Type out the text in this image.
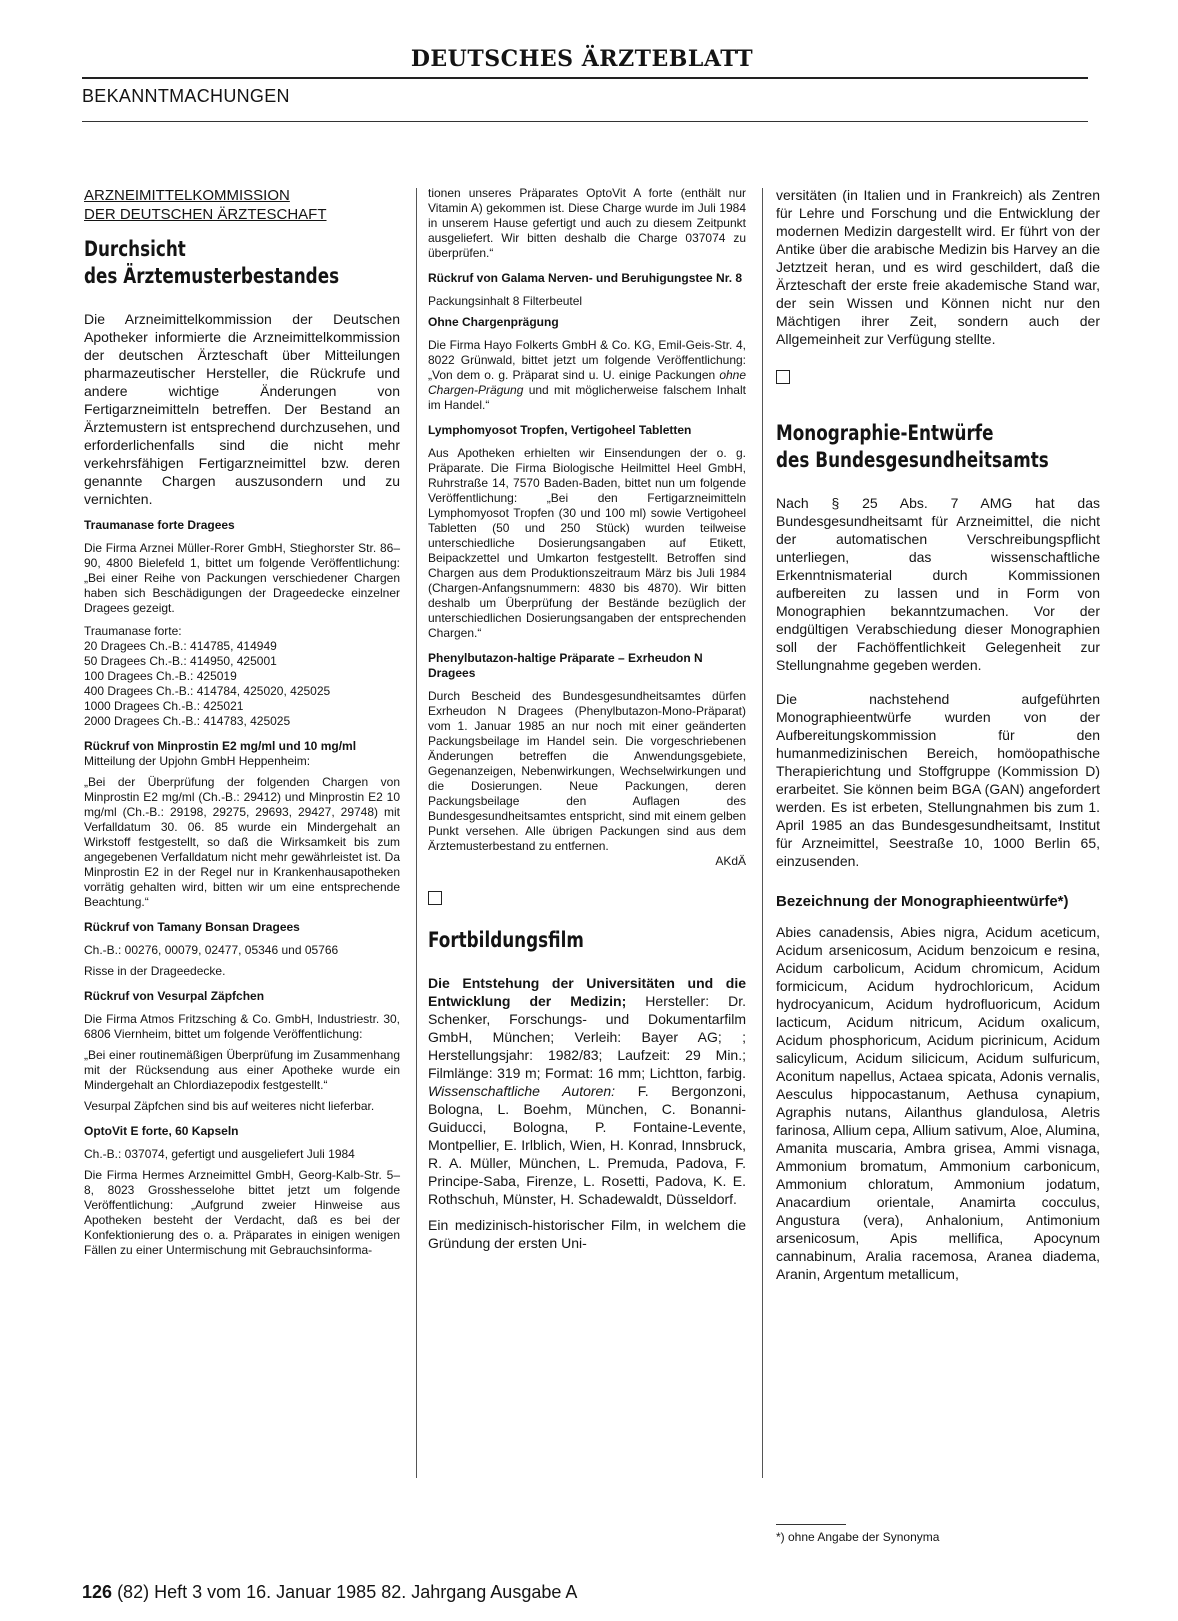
DEUTSCHES ÄRZTEBLATT
BEKANNTMACHUNGEN
ARZNEIMITTELKOMMISSION
DER DEUTSCHEN ÄRZTESCHAFT
Durchsicht
des Ärztemusterbestandes

Die Arzneimittelkommission der Deutschen Apotheker informierte die Arzneimittelkommission der deutschen Ärzteschaft über Mitteilungen pharmazeutischer Hersteller, die Rückrufe und andere wichtige Änderungen von Fertigarzneimitteln betreffen. Der Bestand an Ärztemustern ist entsprechend durchzusehen, und erforderlichenfalls sind die nicht mehr verkehrsfähigen Fertigarzneimittel bzw. deren genannte Chargen auszusondern und zu vernichten.

Traumanase forte Dragees

Die Firma Arznei Müller-Rorer GmbH, Stieghorster Str. 86–90, 4800 Bielefeld 1, bittet um folgende Veröffentlichung: „Bei einer Reihe von Packungen verschiedener Chargen haben sich Beschädigungen der Drageedecke einzelner Dragees gezeigt.

Traumanase forte:
20 Dragees Ch.-B.: 414785, 414949
50 Dragees Ch.-B.: 414950, 425001
100 Dragees Ch.-B.: 425019
400 Dragees Ch.-B.: 414784, 425020, 425025
1000 Dragees Ch.-B.: 425021
2000 Dragees Ch.-B.: 414783, 425025
Rückruf von Minprostin E2 mg/ml und 10 mg/ml

Mitteilung der Upjohn GmbH Heppenheim:

„Bei der Überprüfung der folgenden Chargen von Minprostin E2 mg/ml (Ch.-B.: 29412) und Minprostin E2 10 mg/ml (Ch.-B.: 29198, 29275, 29693, 29427, 29748) mit Verfalldatum 30. 06. 85 wurde ein Mindergehalt an Wirkstoff festgestellt, so daß die Wirksamkeit bis zum angegebenen Verfalldatum nicht mehr gewährleistet ist. Da Minprostin E2 in der Regel nur in Krankenhausapotheken vorrätig gehalten wird, bitten wir um eine entsprechende Beachtung.“

Rückruf von Tamany Bonsan Dragees

Ch.-B.: 00276, 00079, 02477, 05346 und 05766

Risse in der Drageedecke.

Rückruf von Vesurpal Zäpfchen

Die Firma Atmos Fritzsching & Co. GmbH, Industriestr. 30, 6806 Viernheim, bittet um folgende Veröffentlichung:

„Bei einer routinemäßigen Überprüfung im Zusammenhang mit der Rücksendung aus einer Apotheke wurde ein Mindergehalt an Chlordiazepodix festgestellt.“

Vesurpal Zäpfchen sind bis auf weiteres nicht lieferbar.

OptoVit E forte, 60 Kapseln

Ch.-B.: 037074, gefertigt und ausgeliefert Juli 1984

Die Firma Hermes Arzneimittel GmbH, Georg-Kalb-Str. 5–8, 8023 Grosshesselohe bittet jetzt um folgende Veröffentlichung: „Aufgrund zweier Hinweise aus Apotheken besteht der Verdacht, daß es bei der Konfektionierung des o. a. Präparates in einigen wenigen Fällen zu einer Untermischung mit Gebrauchsinforma-

tionen unseres Präparates OptoVit A forte (enthält nur Vitamin A) gekommen ist. Diese Charge wurde im Juli 1984 in unserem Hause gefertigt und auch zu diesem Zeitpunkt ausgeliefert. Wir bitten deshalb die Charge 037074 zu überprüfen.“

Rückruf von Galama Nerven- und Beruhigungstee Nr. 8

Packungsinhalt 8 Filterbeutel

Ohne Chargenprägung

Die Firma Hayo Folkerts GmbH & Co. KG, Emil-Geis-Str. 4, 8022 Grünwald, bittet jetzt um folgende Veröffentlichung: „Von dem o. g. Präparat sind u. U. einige Packungen ohne Chargen-Prägung und mit möglicherweise falschem Inhalt im Handel.“

Lymphomyosot Tropfen, Vertigoheel Tabletten

Aus Apotheken erhielten wir Einsendungen der o. g. Präparate. Die Firma Biologische Heilmittel Heel GmbH, Ruhrstraße 14, 7570 Baden-Baden, bittet nun um folgende Veröffentlichung: „Bei den Fertigarzneimitteln Lymphomyosot Tropfen (30 und 100 ml) sowie Vertigoheel Tabletten (50 und 250 Stück) wurden teilweise unterschiedliche Dosierungsangaben auf Etikett, Beipackzettel und Umkarton festgestellt. Betroffen sind Chargen aus dem Produktionszeitraum März bis Juli 1984 (Chargen-Anfangsnummern: 4830 bis 4870). Wir bitten deshalb um Überprüfung der Bestände bezüglich der unterschiedlichen Dosierungsangaben der entsprechenden Chargen.“

Phenylbutazon-haltige Präparate – Exrheudon N Dragees

Durch Bescheid des Bundesgesundheitsamtes dürfen Exrheudon N Dragees (Phenylbutazon-Mono-Präparat) vom 1. Januar 1985 an nur noch mit einer geänderten Packungsbeilage im Handel sein. Die vorgeschriebenen Änderungen betreffen die Anwendungsgebiete, Gegenanzeigen, Nebenwirkungen, Wechselwirkungen und die Dosierungen. Neue Packungen, deren Packungsbeilage den Auflagen des Bundesgesundheitsamtes entspricht, sind mit einem gelben Punkt versehen. Alle übrigen Packungen sind aus dem Ärztemusterbestand zu entfernen.

AKdÄ
Fortbildungsfilm

Die Entstehung der Universitäten und die Entwicklung der Medizin; Hersteller: Dr. Schenker, Forschungs- und Dokumentarfilm GmbH, München; Verleih: Bayer AG; ; Herstellungsjahr: 1982/83; Laufzeit: 29 Min.; Filmlänge: 319 m; Format: 16 mm; Lichtton, farbig. Wissenschaftliche Autoren: F. Bergonzoni, Bologna, L. Boehm, München, C. Bonanni-Guiducci, Bologna, P. Fontaine-Levente, Montpellier, E. Irlblich, Wien, H. Konrad, Innsbruck, R. A. Müller, München, L. Premuda, Padova, F. Principe-Saba, Firenze, L. Rosetti, Padova, K. E. Rothschuh, Münster, H. Schadewaldt, Düsseldorf.

Ein medizinisch-historischer Film, in welchem die Gründung der ersten Uni-

versitäten (in Italien und in Frankreich) als Zentren für Lehre und Forschung und die Entwicklung der modernen Medizin dargestellt wird. Er führt von der Antike über die arabische Medizin bis Harvey an die Jetztzeit heran, und es wird geschildert, daß die Ärzteschaft der erste freie akademische Stand war, der sein Wissen und Können nicht nur den Mächtigen ihrer Zeit, sondern auch der Allgemeinheit zur Verfügung stellte.

Monographie-Entwürfe
des Bundesgesundheitsamts

Nach § 25 Abs. 7 AMG hat das Bundesgesundheitsamt für Arzneimittel, die nicht der automatischen Verschreibungspflicht unterliegen, das wissenschaftliche Erkenntnismaterial durch Kommissionen aufbereiten zu lassen und in Form von Monographien bekanntzumachen. Vor der endgültigen Verabschiedung dieser Monographien soll der Fachöffentlichkeit Gelegenheit zur Stellungnahme gegeben werden.

Die nachstehend aufgeführten Monographieentwürfe wurden von der Aufbereitungskommission für den humanmedizinischen Bereich, homöopathische Therapierichtung und Stoffgruppe (Kommission D) erarbeitet. Sie können beim BGA (GAN) angefordert werden. Es ist erbeten, Stellungnahmen bis zum 1. April 1985 an das Bundesgesundheitsamt, Institut für Arzneimittel, Seestraße 10, 1000 Berlin 65, einzusenden.

Bezeichnung der Monographieentwürfe*)

Abies canadensis, Abies nigra, Acidum aceticum, Acidum arsenicosum, Acidum benzoicum e resina, Acidum carbolicum, Acidum chromicum, Acidum formicicum, Acidum hydrochloricum, Acidum hydrocyanicum, Acidum hydrofluoricum, Acidum lacticum, Acidum nitricum, Acidum oxalicum, Acidum phosphoricum, Acidum picrinicum, Acidum salicylicum, Acidum silicicum, Acidum sulfuricum, Aconitum napellus, Actaea spicata, Adonis vernalis, Aesculus hippocastanum, Aethusa cynapium, Agraphis nutans, Ailanthus glandulosa, Aletris farinosa, Allium cepa, Allium sativum, Aloe, Alumina, Amanita muscaria, Ambra grisea, Ammi visnaga, Ammonium bromatum, Ammonium carbonicum, Ammonium chloratum, Ammonium jodatum, Anacardium orientale, Anamirta cocculus, Angustura (vera), Anhalonium, Antimonium arsenicosum, Apis mellifica, Apocynum cannabinum, Aralia racemosa, Aranea diadema, Aranin, Argentum metallicum,

*) ohne Angabe der Synonyma
126 (82) Heft 3 vom 16. Januar 1985 82. Jahrgang Ausgabe A
